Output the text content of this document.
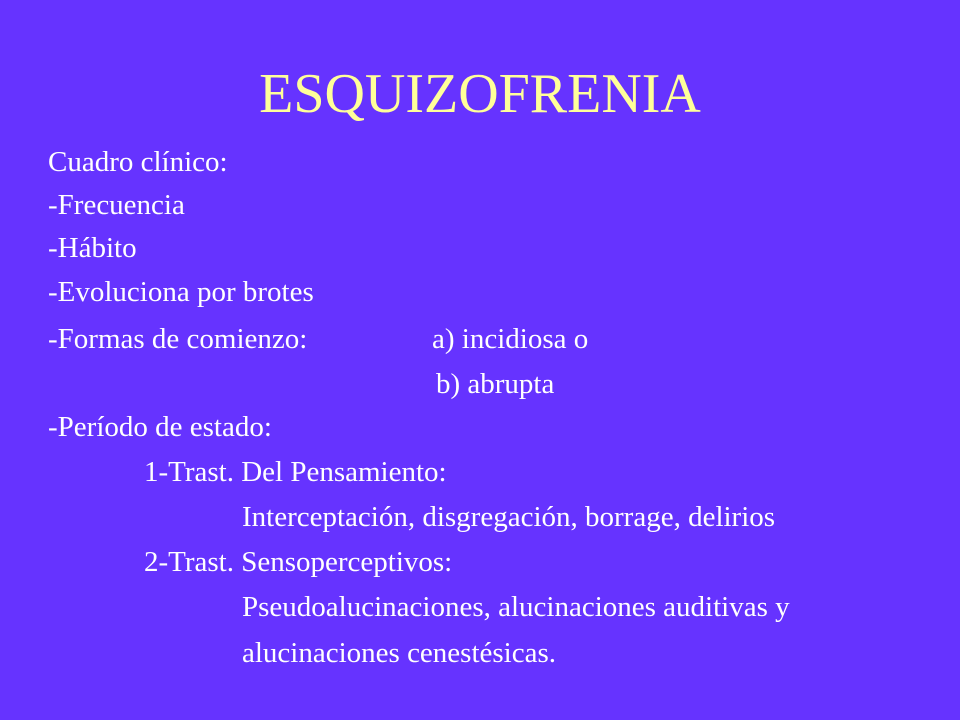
ESQUIZOFRENIA
Cuadro clínico:
-Frecuencia
-Hábito
-Evoluciona por brotes
-Formas de comienzo:	a) incidiosa o
b) abrupta
-Período de estado:
1-Trast. Del Pensamiento:
Interceptación, disgregación, borrage, delirios
2-Trast. Sensoperceptivos:
Pseudoalucinaciones, alucinaciones auditivas y
alucinaciones cenestésicas.
